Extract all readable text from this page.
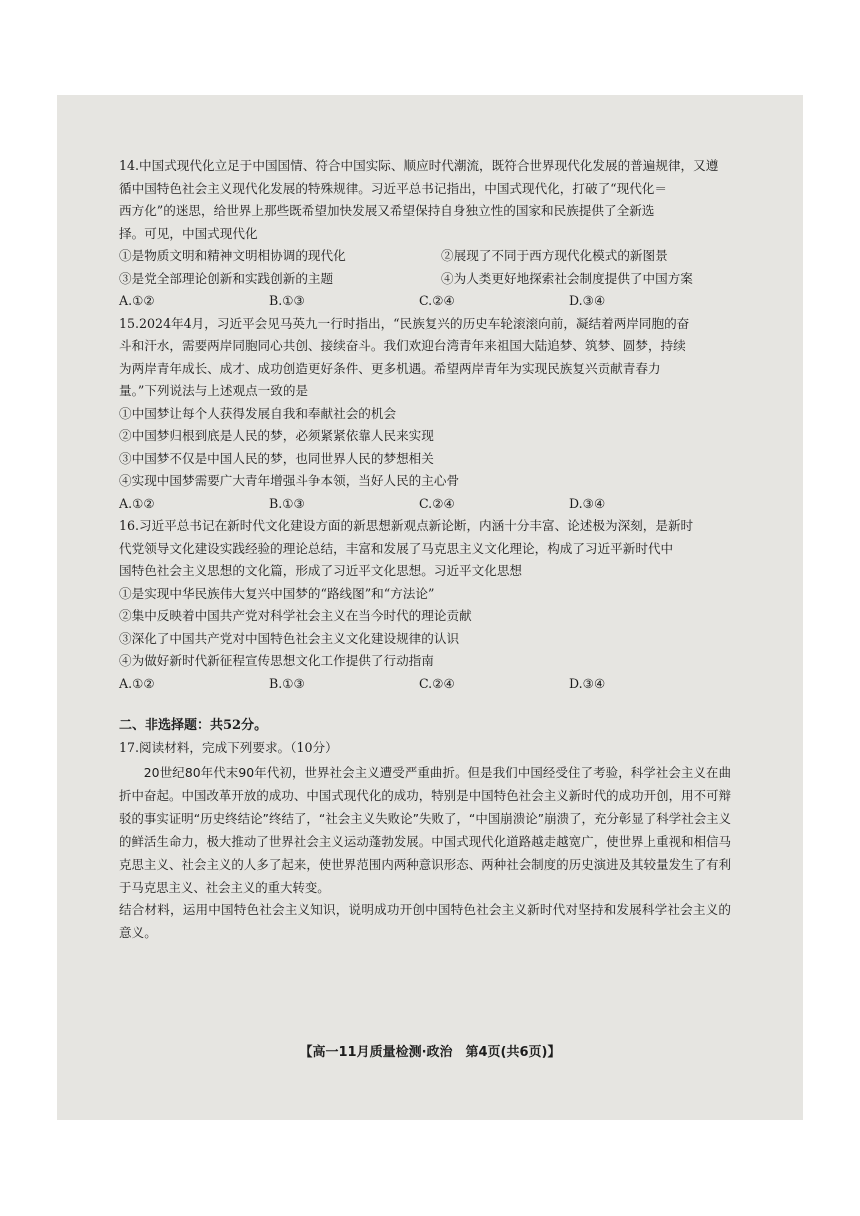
14.中国式现代化立足于中国国情、符合中国实际、顺应时代潮流，既符合世界现代化发展的普遍规律，又遵
循中国特色社会主义现代化发展的特殊规律。习近平总书记指出，中国式现代化，打破了“现代化＝
西方化”的迷思，给世界上那些既希望加快发展又希望保持自身独立性的国家和民族提供了全新选
择。可见，中国式现代化
①是物质文明和精神文明相协调的现代化	②展现了不同于西方现代化模式的新图景
③是党全部理论创新和实践创新的主题	④为人类更好地探索社会制度提供了中国方案
A.①②	B.①③	C.②④	D.③④
15.2024年4月，习近平会见马英九一行时指出，“民族复兴的历史车轮滚滚向前，凝结着两岸同胞的奋
斗和汗水，需要两岸同胞同心共创、接续奋斗。我们欢迎台湾青年来祖国大陆追梦、筑梦、圆梦，持续
为两岸青年成长、成才、成功创造更好条件、更多机遇。希望两岸青年为实现民族复兴贡献青春力
量。”下列说法与上述观点一致的是
①中国梦让每个人获得发展自我和奉献社会的机会
②中国梦归根到底是人民的梦，必须紧紧依靠人民来实现
③中国梦不仅是中国人民的梦，也同世界人民的梦想相关
④实现中国梦需要广大青年增强斗争本领，当好人民的主心骨
A.①②	B.①③	C.②④	D.③④
16.习近平总书记在新时代文化建设方面的新思想新观点新论断，内涵十分丰富、论述极为深刻，是新时
代党领导文化建设实践经验的理论总结，丰富和发展了马克思主义文化理论，构成了习近平新时代中
国特色社会主义思想的文化篇，形成了习近平文化思想。习近平文化思想
①是实现中华民族伟大复兴中国梦的“路线图”和“方法论”
②集中反映着中国共产党对科学社会主义在当今时代的理论贡献
③深化了中国共产党对中国特色社会主义文化建设规律的认识
④为做好新时代新征程宣传思想文化工作提供了行动指南
A.①②	B.①③	C.②④	D.③④
二、非选择题：共52分。
17.阅读材料，完成下列要求。（10分）
20世纪80年代末90年代初，世界社会主义遭受严重曲折。但是我们中国经受住了考验，科学社会主义在曲折中奋起。中国改革开放的成功、中国式现代化的成功，特别是中国特色社会主义新时代的成功开创，用不可辩驳的事实证明“历史终结论”终结了，“社会主义失败论”失败了，“中国崩溃论”崩溃了，充分彰显了科学社会主义的鲜活生命力，极大推动了世界社会主义运动蓬勃发展。中国式现代化道路越走越宽广，使世界上重视和相信马克思主义、社会主义的人多了起来，使世界范围内两种意识形态、两种社会制度的历史演进及其较量发生了有利于马克思主义、社会主义的重大转变。
结合材料，运用中国特色社会主义知识，说明成功开创中国特色社会主义新时代对坚持和发展科学社会主义的意义。
【高一11月质量检测·政治　第4页(共6页)】
